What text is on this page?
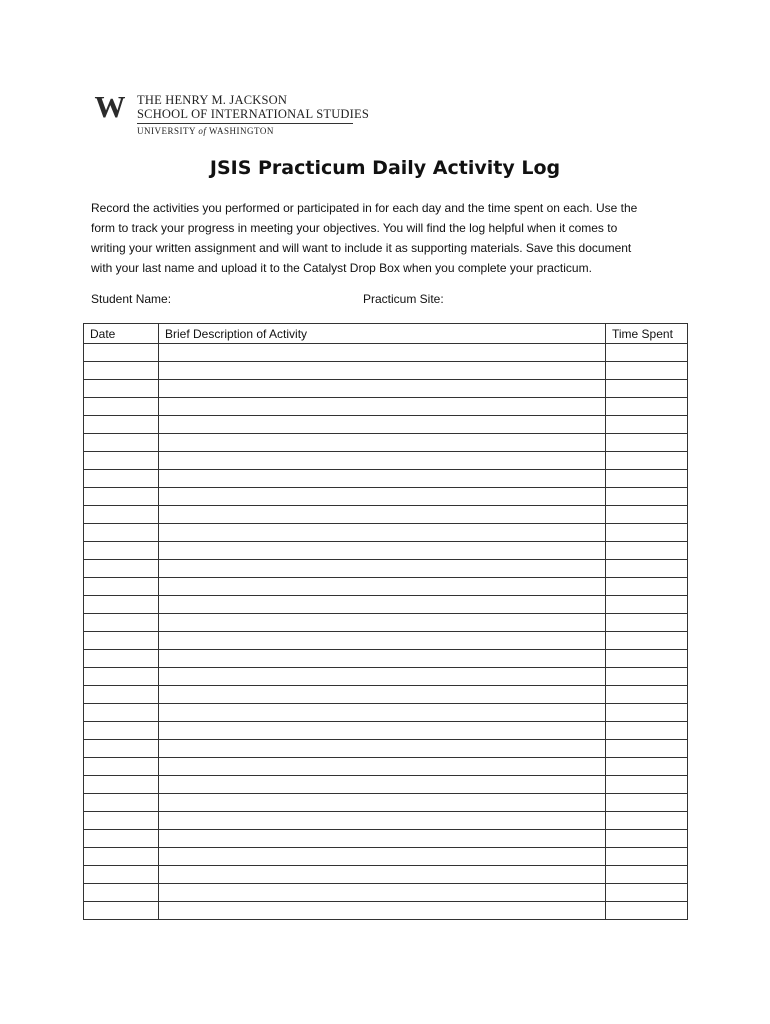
W THE HENRY M. JACKSON
SCHOOL OF INTERNATIONAL STUDIES
UNIVERSITY of WASHINGTON
JSIS Practicum Daily Activity Log

Record the activities you performed or participated in for each day and the time spent on each. Use the

form to track your progress in meeting your objectives. You will find the log helpful when it comes to

writing your written assignment and will want to include it as supporting materials. Save this document

with your last name and upload it to the Catalyst Drop Box when you complete your practicum.

Student Name:	Practicum Site:
Date	Brief Description of Activity	Time Spent
